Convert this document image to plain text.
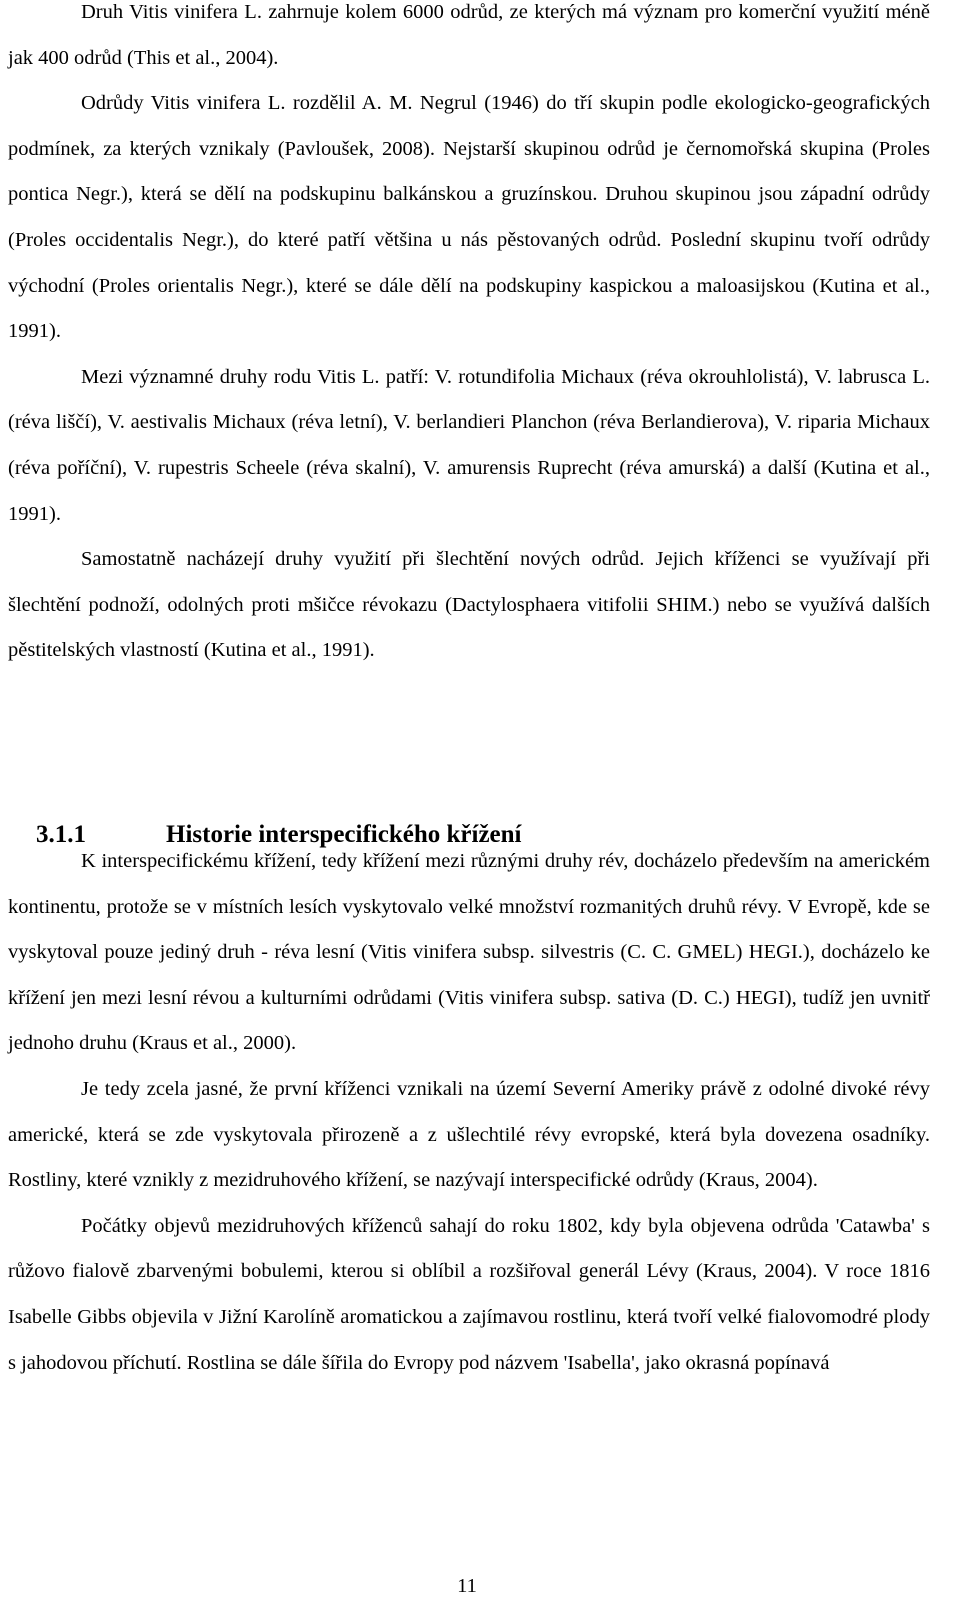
Druh Vitis vinifera L. zahrnuje kolem 6000 odrůd, ze kterých má význam pro komerční využití méně jak 400 odrůd (This et al., 2004).

Odrůdy Vitis vinifera L. rozdělil A. M. Negrul (1946) do tří skupin podle ekologicko-geografických podmínek, za kterých vznikaly (Pavloušek, 2008). Nejstarší skupinou odrůd je černomořská skupina (Proles pontica Negr.), která se dělí na podskupinu balkánskou a gruzínskou. Druhou skupinou jsou západní odrůdy (Proles occidentalis Negr.), do které patří většina u nás pěstovaných odrůd. Poslední skupinu tvoří odrůdy východní (Proles orientalis Negr.), které se dále dělí na podskupiny kaspickou a maloasijskou (Kutina et al., 1991).

Mezi významné druhy rodu Vitis L. patří: V. rotundifolia Michaux (réva okrouhlolistá), V. labrusca L. (réva liščí), V. aestivalis Michaux (réva letní), V. berlandieri Planchon (réva Berlandierova), V. riparia Michaux (réva poříční), V. rupestris Scheele (réva skalní), V. amurensis Ruprecht (réva amurská) a další (Kutina et al., 1991).

Samostatně nacházejí druhy využití při šlechtění nových odrůd. Jejich kříženci se využívají při šlechtění podnoží, odolných proti mšičce révokazu (Dactylosphaera vitifolii SHIM.) nebo se využívá dalších pěstitelských vlastností (Kutina et al., 1991).

3.1.1	Historie interspecifického křížení

K interspecifickému křížení, tedy křížení mezi různými druhy rév, docházelo především na americkém kontinentu, protože se v místních lesích vyskytovalo velké množství rozmanitých druhů révy. V Evropě, kde se vyskytoval pouze jediný druh - réva lesní (Vitis vinifera subsp. silvestris (C. C. GMEL) HEGI.), docházelo ke křížení jen mezi lesní révou a kulturními odrůdami (Vitis vinifera subsp. sativa (D. C.) HEGI), tudíž jen uvnitř jednoho druhu (Kraus et al., 2000).

Je tedy zcela jasné, že první kříženci vznikali na území Severní Ameriky právě z odolné divoké révy americké, která se zde vyskytovala přirozeně a z ušlechtilé révy evropské, která byla dovezena osadníky. Rostliny, které vznikly z mezidruhového křížení, se nazývají interspecifické odrůdy (Kraus, 2004).

Počátky objevů mezidruhových kříženců sahají do roku 1802, kdy byla objevena odrůda 'Catawba' s růžovo fialově zbarvenými bobulemi, kterou si oblíbil a rozšiřoval generál Lévy (Kraus, 2004). V roce 1816 Isabelle Gibbs objevila v Jižní Karolíně aromatickou a zajímavou rostlinu, která tvoří velké fialovomodré plody s jahodovou příchutí. Rostlina se dále šířila do Evropy pod názvem 'Isabella', jako okrasná popínavá

11
